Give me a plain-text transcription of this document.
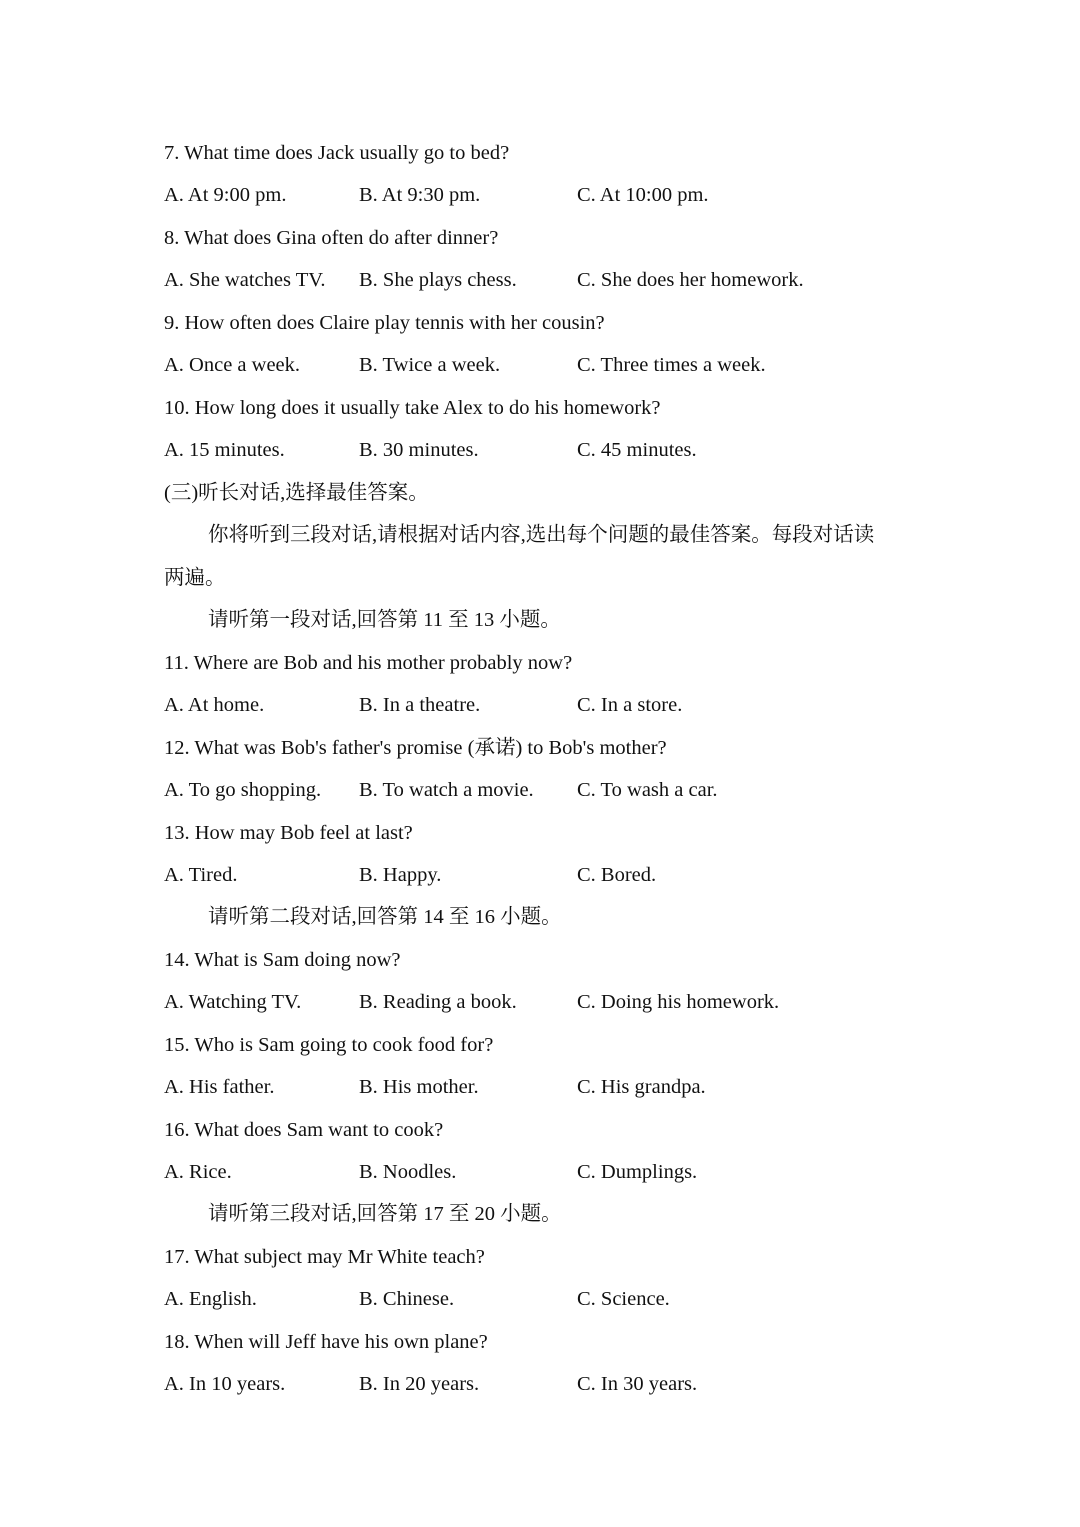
7. What time does Jack usually go to bed?
A. At 9:00 pm.	B. At 9:30 pm.	C. At 10:00 pm.
8. What does Gina often do after dinner?
A. She watches TV. B. She plays chess.	C. She does her homework.
9. How often does Claire play tennis with her cousin?
A. Once a week.	B. Twice a week.	C. Three times a week.
10. How long does it usually take Alex to do his homework?
A. 15 minutes.	B. 30 minutes.	C. 45 minutes.
(三)听长对话,选择最佳答案。
你将听到三段对话,请根据对话内容,选出每个问题的最佳答案。每段对话读
两遍。
请听第一段对话,回答第 11 至 13 小题。
11. Where are Bob and his mother probably now?
A. At home.	B. In a theatre.	C. In a store.
12. What was Bob's father's promise (承诺) to Bob's mother?
A. To go shopping. B. To watch a movie. C. To wash a car.
13. How may Bob feel at last?
A. Tired.	B. Happy.	C. Bored.
请听第二段对话,回答第 14 至 16 小题。
14. What is Sam doing now?
A. Watching TV.	B. Reading a book.	C. Doing his homework.
15. Who is Sam going to cook food for?
A. His father.	B. His mother.	C. His grandpa.
16. What does Sam want to cook?
A. Rice.	B. Noodles.	C. Dumplings.
请听第三段对话,回答第 17 至 20 小题。
17. What subject may Mr White teach?
A. English.	B. Chinese.	C. Science.
18. When will Jeff have his own plane?
A. In 10 years.	B. In 20 years.	C. In 30 years.
